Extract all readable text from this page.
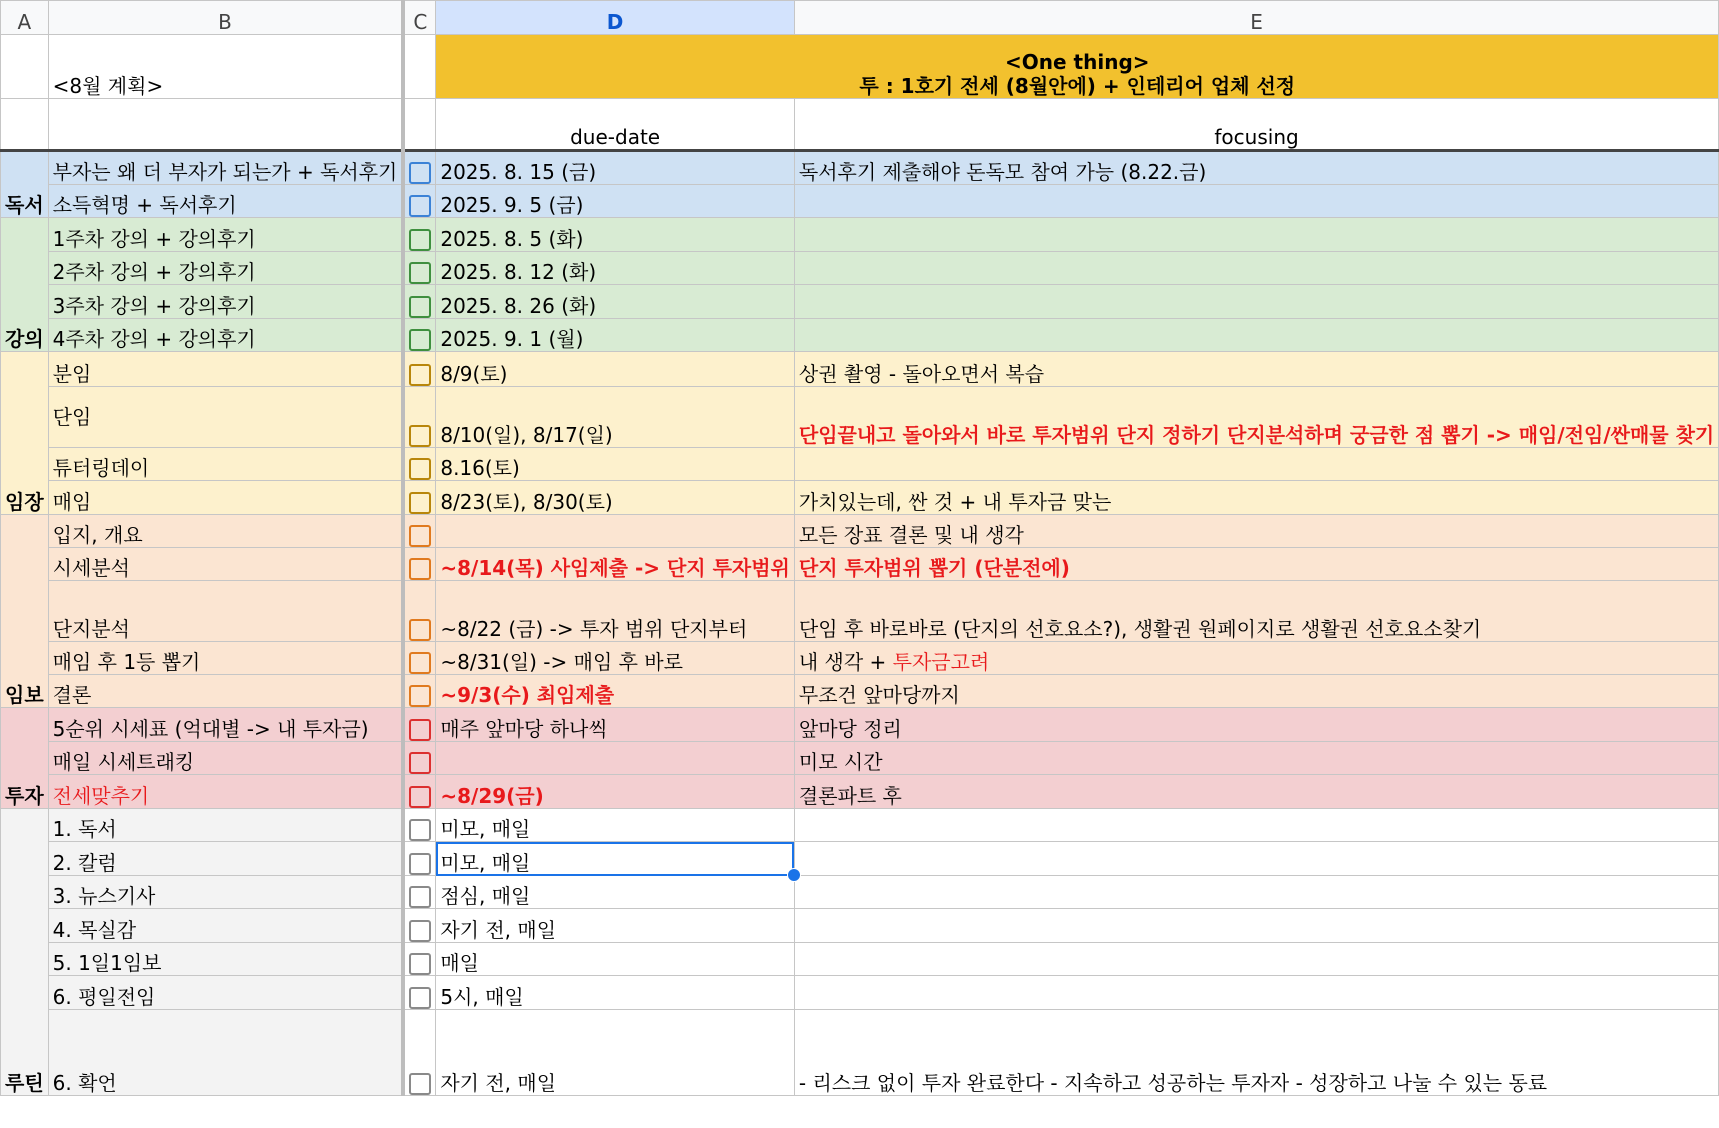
A	B	C	D	E
	<8월 계획>		<One thing>
투 : 1호기 전세 (8월안에) + 인테리어 업체 선정	

			due-date	focusing
독서	부자는 왜 더 부자가 되는가 + 독서후기		2025. 8. 15 (금)	독서후기 제출해야 돈독모 참여 가능 (8.22.금)
	소득혁명 + 독서후기		2025. 9. 5 (금)	
강의	1주차 강의 + 강의후기		2025. 8. 5 (화)	
	2주차 강의 + 강의후기		2025. 8. 12 (화)	
	3주차 강의 + 강의후기		2025. 8. 26 (화)	
	4주차 강의 + 강의후기		2025. 9. 1 (월)	
임장	분임		8/9(토)	상권 촬영 - 돌아오면서 복습
	단임		8/10(일), 8/17(일)	단임끝내고 돌아와서 바로 투자범위 단지 정하기 단지분석하며 궁금한 점 뽑기 -> 매임/전임/싼매물 찾기
	튜터링데이		8.16(토)	
	매임		8/23(토), 8/30(토)	가치있는데, 싼 것 + 내 투자금 맞는
임보	입지, 개요			모든 장표 결론 및 내 생각
	시세분석		~8/14(목) 사임제출 -> 단지 투자범위	단지 투자범위 뽑기 (단분전에)
	단지분석		~8/22 (금) -> 투자 범위 단지부터	단임 후 바로바로 (단지의 선호요소?), 생활권 원페이지로 생활권 선호요소찾기
	매임 후 1등 뽑기		~8/31(일) -> 매임 후 바로	내 생각 + 투자금고려
	결론		~9/3(수) 최임제출	무조건 앞마당까지
투자	5순위 시세표 (억대별 -> 내 투자금)		매주 앞마당 하나씩	앞마당 정리
	매일 시세트래킹			미모 시간
	전세맞추기		~8/29(금)	결론파트 후
루틴	1. 독서		미모, 매일	
	2. 칼럼		미모, 매일

	3. 뉴스기사		점심, 매일	
	4. 목실감		자기 전, 매일	
	5. 1일1임보		매일	
	6. 평일전임		5시, 매일	
	6. 확언		자기 전, 매일	- 리스크 없이 투자 완료한다 - 지속하고 성공하는 투자자 - 성장하고 나눌 수 있는 동료
